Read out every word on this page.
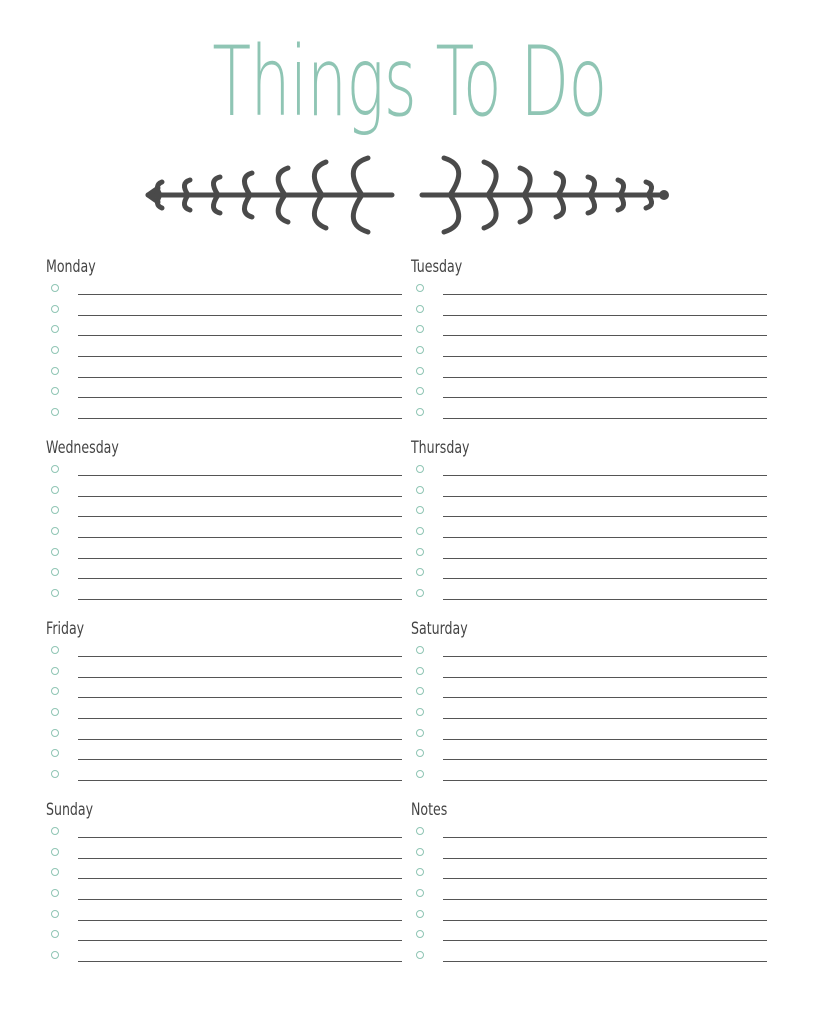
Things To Do
Monday	Tuesday
Wednesday	Thursday
Friday	Saturday
Sunday	Notes
